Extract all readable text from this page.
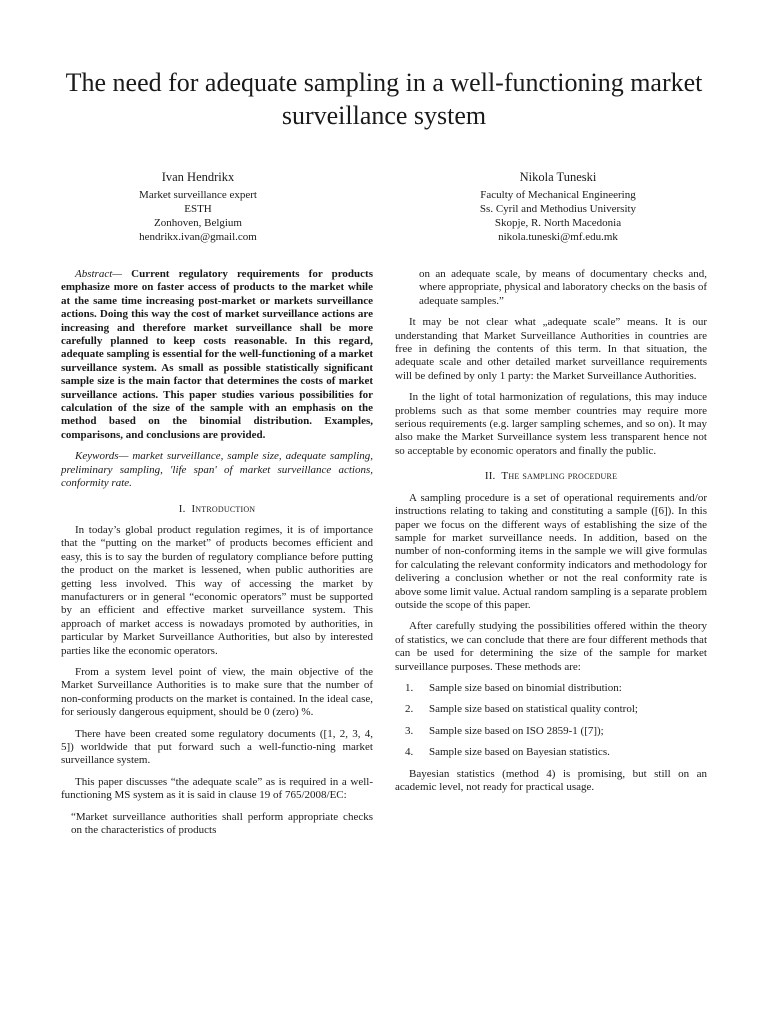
The need for adequate sampling in a well-functioning market surveillance system
Ivan Hendrikx
Market surveillance expert
ESTH
Zonhoven, Belgium
hendrikx.ivan@gmail.com
Nikola Tuneski
Faculty of Mechanical Engineering
Ss. Cyril and Methodius University
Skopje, R. North Macedonia
nikola.tuneski@mf.edu.mk

Abstract— Current regulatory requirements for products emphasize more on faster access of products to the market while at the same time increasing post-market or markets surveillance actions. Doing this way the cost of market surveillance actions are increasing and therefore market surveillance shall be more carefully planned to keep costs reasonable. In this regard, adequate sampling is essential for the well-functioning of a market surveillance system. As small as possible statistically significant sample size is the main factor that determines the costs of market surveillance actions. This paper studies various possibilities for calculation of the size of the sample with an emphasis on the method based on the binomial distribution. Examples, comparisons, and conclusions are provided.

Keywords— market surveillance, sample size, adequate sampling, preliminary sampling, 'life span' of market surveillance actions, conformity rate.

I. Introduction

In today’s global product regulation regimes, it is of importance that the “putting on the market” of products becomes efficient and easy, this is to say the burden of regulatory compliance before putting the product on the market is lessened, when public authorities are getting less involved. This way of accessing the market by manufacturers or in general “economic operators” must be supported by an efficient and effective market surveillance system. This approach of market access is nowadays promoted by authorities, in particular by Market Surveillance Authorities, but also by interested parties like the economic operators.

From a system level point of view, the main objective of the Market Surveillance Authorities is to make sure that the number of non-conforming products on the market is contained. In the ideal case, for seriously dangerous equipment, should be 0 (zero) %.

There have been created some regulatory documents ([1, 2, 3, 4, 5]) worldwide that put forward such a well-functio-ning market surveillance system.

This paper discusses “the adequate scale” as is required in a well-functioning MS system as it is said in clause 19 of 765/2008/EC:

“Market surveillance authorities shall perform appropriate checks on the characteristics of products

on an adequate scale, by means of documentary checks and, where appropriate, physical and laboratory checks on the basis of adequate samples.”

It may be not clear what „adequate scale” means. It is our understanding that Market Surveillance Authorities in countries are free in defining the contents of this term. In that situation, the adequate scale and other detailed market surveillance requirements will be defined by only 1 party: the Market Surveillance Authorities.

In the light of total harmonization of regulations, this may induce problems such as that some member countries may require more serious requirements (e.g. larger sampling schemes, and so on). It may also make the Market Surveillance system less transparent hence not so acceptable by economic operators and finally the public.

II. The sampling procedure

A sampling procedure is a set of operational requirements and/or instructions relating to taking and constituting a sample ([6]). In this paper we focus on the different ways of establishing the size of the sample for market surveillance needs. In addition, based on the number of non-conforming items in the sample we will give formulas for calculating the relevant conformity indicators and methodology for delivering a conclusion whether or not the real conformity rate is above some limit value. Actual random sampling is a separate problem outside the scope of this paper.

After carefully studying the possibilities offered within the theory of statistics, we can conclude that there are four different methods that can be used for determining the size of the sample for market surveillance purposes. These methods are:

1.	Sample size based on binomial distribution:
2.	Sample size based on statistical quality control;
3.	Sample size based on ISO 2859-1 ([7]);
4.	Sample size based on Bayesian statistics.

Bayesian statistics (method 4) is promising, but still on an academic level, not ready for practical usage.
